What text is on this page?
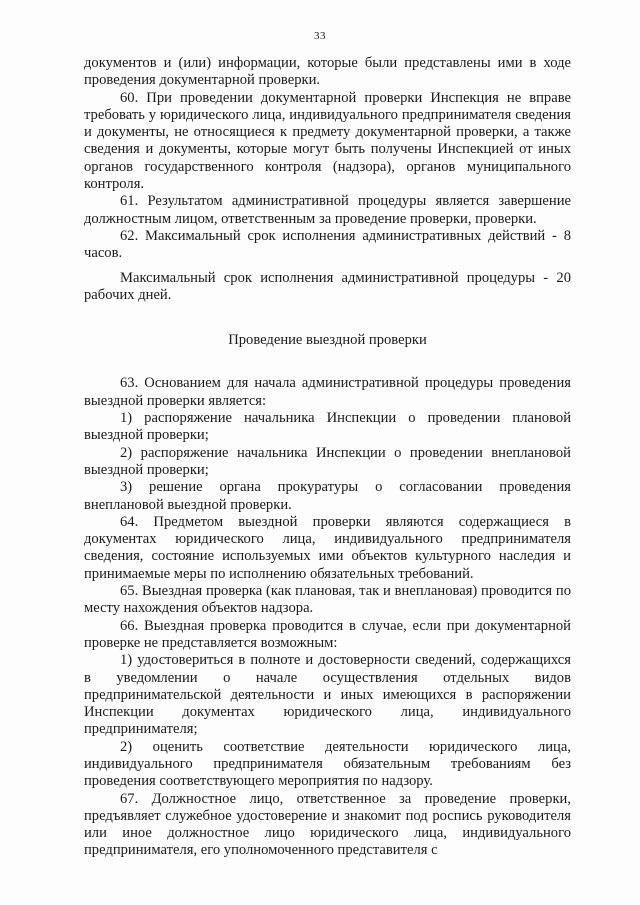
33

документов и (или) информации, которые были представлены ими в ходе проведения документарной проверки.

60. При проведении документарной проверки Инспекция не вправе требовать у юридического лица, индивидуального предпринимателя сведения и документы, не относящиеся к предмету документарной проверки, а также сведения и документы, которые могут быть получены Инспекцией от иных органов государственного контроля (надзора), органов муниципального контроля.

61. Результатом административной процедуры является завершение должностным лицом, ответственным за проведение проверки, проверки.

62. Максимальный срок исполнения административных действий - 8 часов.

Максимальный срок исполнения административной процедуры - 20 рабочих дней.

Проведение выездной проверки

63. Основанием для начала административной процедуры проведения выездной проверки является:

1) распоряжение начальника Инспекции о проведении плановой выездной проверки;

2) распоряжение начальника Инспекции о проведении внеплановой выездной проверки;

3) решение органа прокуратуры о согласовании проведения внеплановой выездной проверки.

64. Предметом выездной проверки являются содержащиеся в документах юридического лица, индивидуального предпринимателя сведения, состояние используемых ими объектов культурного наследия и принимаемые меры по исполнению обязательных требований.

65. Выездная проверка (как плановая, так и внеплановая) проводится по месту нахождения объектов надзора.

66. Выездная проверка проводится в случае, если при документарной проверке не представляется возможным:

1) удостовериться в полноте и достоверности сведений, содержащихся в уведомлении о начале осуществления отдельных видов предпринимательской деятельности и иных имеющихся в распоряжении Инспекции документах юридического лица, индивидуального предпринимателя;

2) оценить соответствие деятельности юридического лица, индивидуального предпринимателя обязательным требованиям без проведения соответствующего мероприятия по надзору.

67. Должностное лицо, ответственное за проведение проверки, предъявляет служебное удостоверение и знакомит под роспись руководителя или иное должностное лицо юридического лица, индивидуального предпринимателя, его уполномоченного представителя с
